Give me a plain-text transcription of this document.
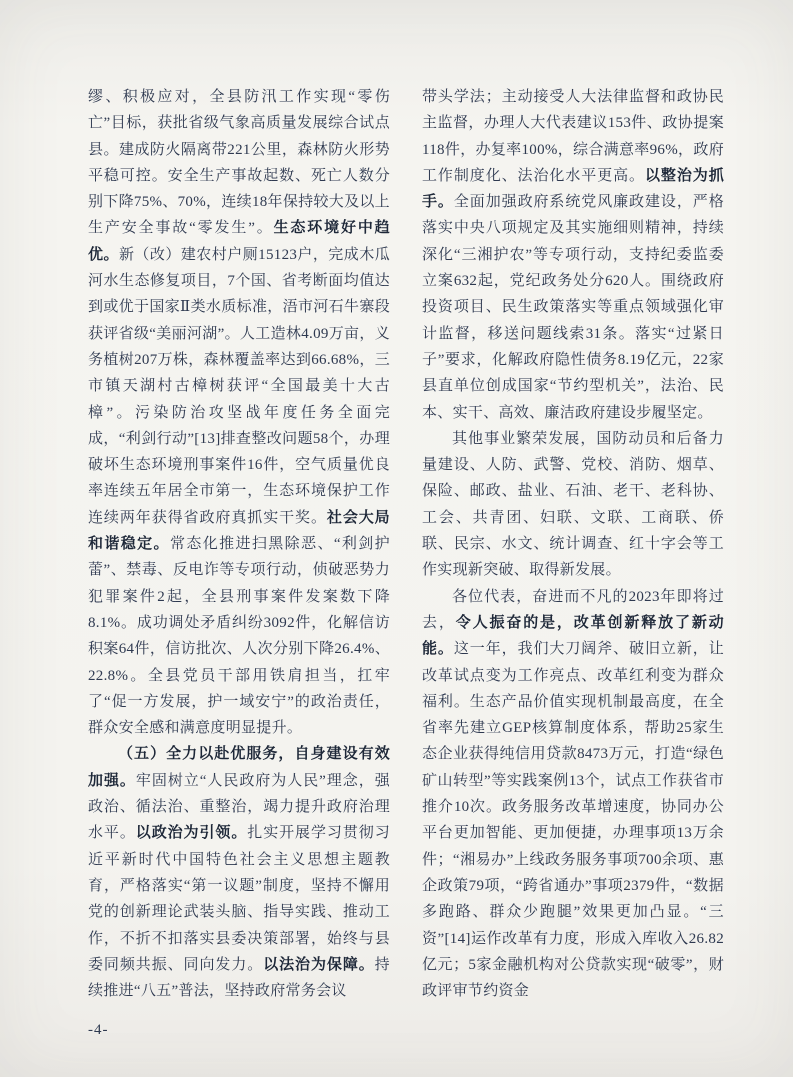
缪、积极应对，全县防汛工作实现“零伤亡”目标，获批省级气象高质量发展综合试点县。建成防火隔离带221公里，森林防火形势平稳可控。安全生产事故起数、死亡人数分别下降75%、70%，连续18年保持较大及以上生产安全事故“零发生”。生态环境好中趋优。新（改）建农村户厕15123户，完成木瓜河水生态修复项目，7个国、省考断面均值达到或优于国家Ⅱ类水质标准，浯市河石牛寨段获评省级“美丽河湖”。人工造林4.09万亩，义务植树207万株，森林覆盖率达到66.68%，三市镇天湖村古樟树获评“全国最美十大古樟”。污染防治攻坚战年度任务全面完成，“利剑行动”[13]排查整改问题58个，办理破坏生态环境刑事案件16件，空气质量优良率连续五年居全市第一，生态环境保护工作连续两年获得省政府真抓实干奖。社会大局和谐稳定。常态化推进扫黑除恶、“利剑护蕾”、禁毒、反电诈等专项行动，侦破恶势力犯罪案件2起，全县刑事案件发案数下降8.1%。成功调处矛盾纠纷3092件，化解信访积案64件，信访批次、人次分别下降26.4%、22.8%。全县党员干部用铁肩担当，扛牢了“促一方发展，护一域安宁”的政治责任，群众安全感和满意度明显提升。

（五）全力以赴优服务，自身建设有效加强。牢固树立“人民政府为人民”理念，强政治、循法治、重整治，竭力提升政府治理水平。以政治为引领。扎实开展学习贯彻习近平新时代中国特色社会主义思想主题教育，严格落实“第一议题”制度，坚持不懈用党的创新理论武装头脑、指导实践、推动工作，不折不扣落实县委决策部署，始终与县委同频共振、同向发力。以法治为保障。持续推进“八五”普法，坚持政府常务会议

带头学法；主动接受人大法律监督和政协民主监督，办理人大代表建议153件、政协提案118件，办复率100%，综合满意率96%，政府工作制度化、法治化水平更高。以整治为抓手。全面加强政府系统党风廉政建设，严格落实中央八项规定及其实施细则精神，持续深化“三湘护农”等专项行动，支持纪委监委立案632起，党纪政务处分620人。围绕政府投资项目、民生政策落实等重点领域强化审计监督，移送问题线索31条。落实“过紧日子”要求，化解政府隐性债务8.19亿元，22家县直单位创成国家“节约型机关”，法治、民本、实干、高效、廉洁政府建设步履坚定。

其他事业繁荣发展，国防动员和后备力量建设、人防、武警、党校、消防、烟草、保险、邮政、盐业、石油、老干、老科协、工会、共青团、妇联、文联、工商联、侨联、民宗、水文、统计调查、红十字会等工作实现新突破、取得新发展。

各位代表，奋进而不凡的2023年即将过去，令人振奋的是，改革创新释放了新动能。这一年，我们大刀阔斧、破旧立新，让改革试点变为工作亮点、改革红利变为群众福利。生态产品价值实现机制最高度，在全省率先建立GEP核算制度体系，帮助25家生态企业获得纯信用贷款8473万元，打造“绿色矿山转型”等实践案例13个，试点工作获省市推介10次。政务服务改革增速度，协同办公平台更加智能、更加便捷，办理事项13万余件；“湘易办”上线政务服务事项700余项、惠企政策79项，“跨省通办”事项2379件，“数据多跑路、群众少跑腿”效果更加凸显。“三资”[14]运作改革有力度，形成入库收入26.82亿元；5家金融机构对公贷款实现“破零”，财政评审节约资金

-4-
